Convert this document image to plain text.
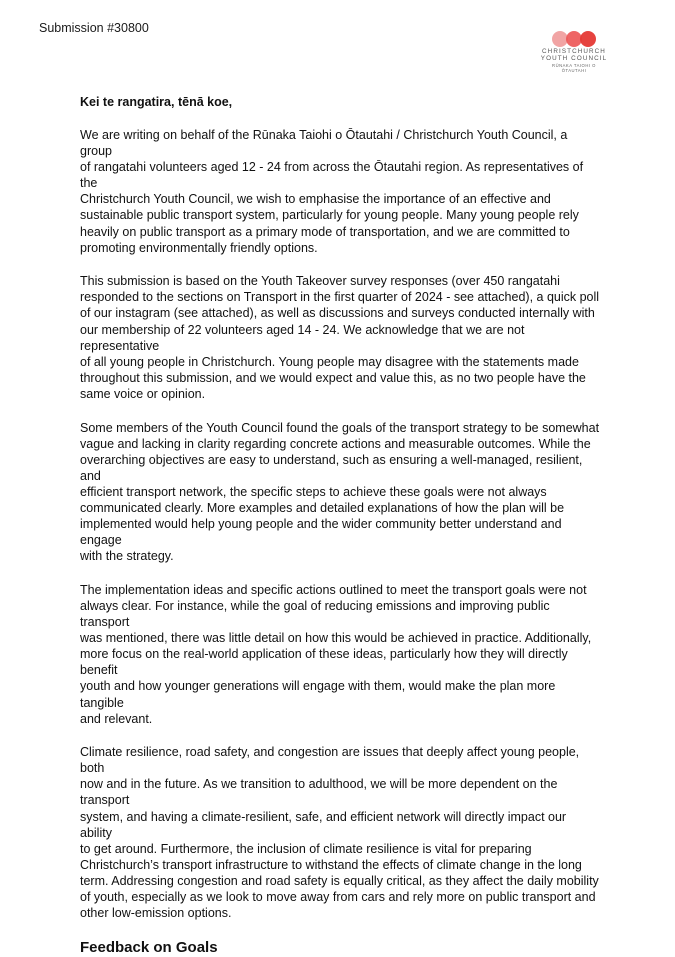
Submission #30800
CHRISTCHURCH
YOUTH COUNCIL
RŪNAKA TAIOHI O
ŌTAUTAHI
Kei te rangatira, tēnā koe,
We are writing on behalf of the Rūnaka Taiohi o Ōtautahi / Christchurch Youth Council, a group
of rangatahi volunteers aged 12 - 24 from across the Ōtautahi region. As representatives of the
Christchurch Youth Council, we wish to emphasise the importance of an effective and
sustainable public transport system, particularly for young people. Many young people rely
heavily on public transport as a primary mode of transportation, and we are committed to
promoting environmentally friendly options.
This submission is based on the Youth Takeover survey responses (over 450 rangatahi
responded to the sections on Transport in the first quarter of 2024 - see attached), a quick poll
of our instagram (see attached), as well as discussions and surveys conducted internally with
our membership of 22 volunteers aged 14 - 24. We acknowledge that we are not representative
of all young people in Christchurch. Young people may disagree with the statements made
throughout this submission, and we would expect and value this, as no two people have the
same voice or opinion.
Some members of the Youth Council found the goals of the transport strategy to be somewhat
vague and lacking in clarity regarding concrete actions and measurable outcomes. While the
overarching objectives are easy to understand, such as ensuring a well-managed, resilient, and
efficient transport network, the specific steps to achieve these goals were not always
communicated clearly. More examples and detailed explanations of how the plan will be
implemented would help young people and the wider community better understand and engage
with the strategy.
The implementation ideas and specific actions outlined to meet the transport goals were not
always clear. For instance, while the goal of reducing emissions and improving public transport
was mentioned, there was little detail on how this would be achieved in practice. Additionally,
more focus on the real-world application of these ideas, particularly how they will directly benefit
youth and how younger generations will engage with them, would make the plan more tangible
and relevant.
Climate resilience, road safety, and congestion are issues that deeply affect young people, both
now and in the future. As we transition to adulthood, we will be more dependent on the transport
system, and having a climate-resilient, safe, and efficient network will directly impact our ability
to get around. Furthermore, the inclusion of climate resilience is vital for preparing
Christchurch’s transport infrastructure to withstand the effects of climate change in the long
term. Addressing congestion and road safety is equally critical, as they affect the daily mobility
of youth, especially as we look to move away from cars and rely more on public transport and
other low-emission options.
Feedback on Goals
